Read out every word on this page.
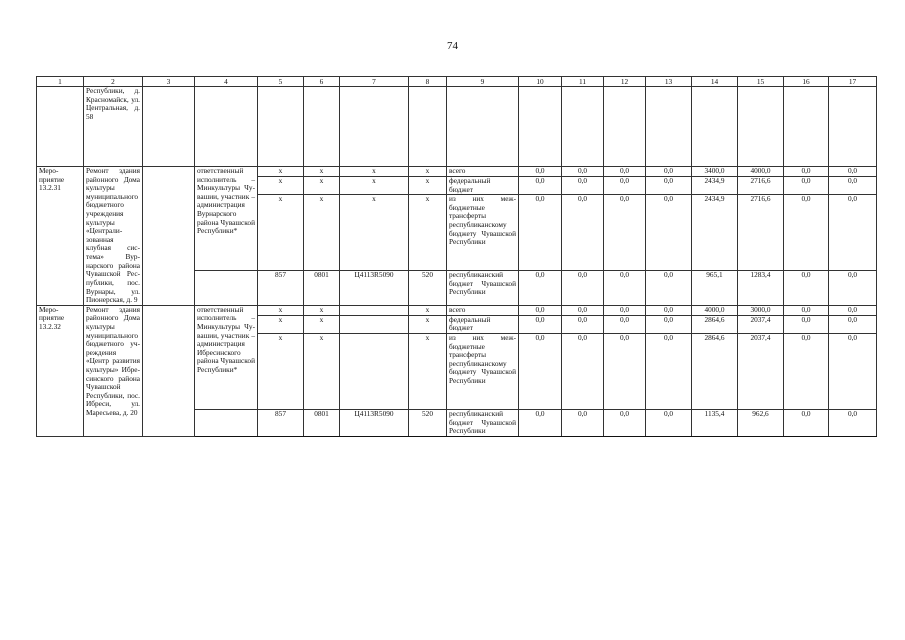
74
1	2	3	4	5	6	7	8	9	10	11	12	13	14	15	16	17
	Республики, д. Красномайск, ул. Центральная, д. 58															
Мероприятие 13.2.31	Ремонт здания районного Дома культуры муниципального бюджетного учреждения культуры «Централизованная клубная система» Вурнарского района Чувашской Республики, пос. Вурнары, ул. Пионерская, д. 9		ответственный исполнитель – Минкультуры Чувашии, участник – администрация Вурнарского района Чувашской Республики*	x	x	x	x	всего	0,0	0,0	0,0	0,0	3400,0	4000,0	0,0	0,0
				x	x	x	x	федеральный бюджет	0,0	0,0	0,0	0,0	2434,9	2716,6	0,0	0,0
				x	x	x	x	из них межбюджетные трансферты республиканскому бюджету Чувашской Республики	0,0	0,0	0,0	0,0	2434,9	2716,6	0,0	0,0
				857	0801	Ц4113R5090	520	республиканский бюджет Чувашской Республики	0,0	0,0	0,0	0,0	965,1	1283,4	0,0	0,0
Мероприятие 13.2.32	Ремонт здания районного Дома культуры муниципального бюджетного учреждения «Центр развития культуры» Ибресинского района Чувашской Республики, пос. Ибреси, ул. Маресьева, д. 20		ответственный исполнитель – Минкультуры Чувашии, участник – администрация Ибресинского района Чувашской Республики*	x	x		x	всего	0,0	0,0	0,0	0,0	4000,0	3000,0	0,0	0,0
				x	x		x	федеральный бюджет	0,0	0,0	0,0	0,0	2864,6	2037,4	0,0	0,0
				x	x		x	из них межбюджетные трансферты республиканскому бюджету Чувашской Республики	0,0	0,0	0,0	0,0	2864,6	2037,4	0,0	0,0
				857	0801	Ц4113R5090	520	республиканский бюджет Чувашской Республики	0,0	0,0	0,0	0,0	1135,4	962,6	0,0	0,0
